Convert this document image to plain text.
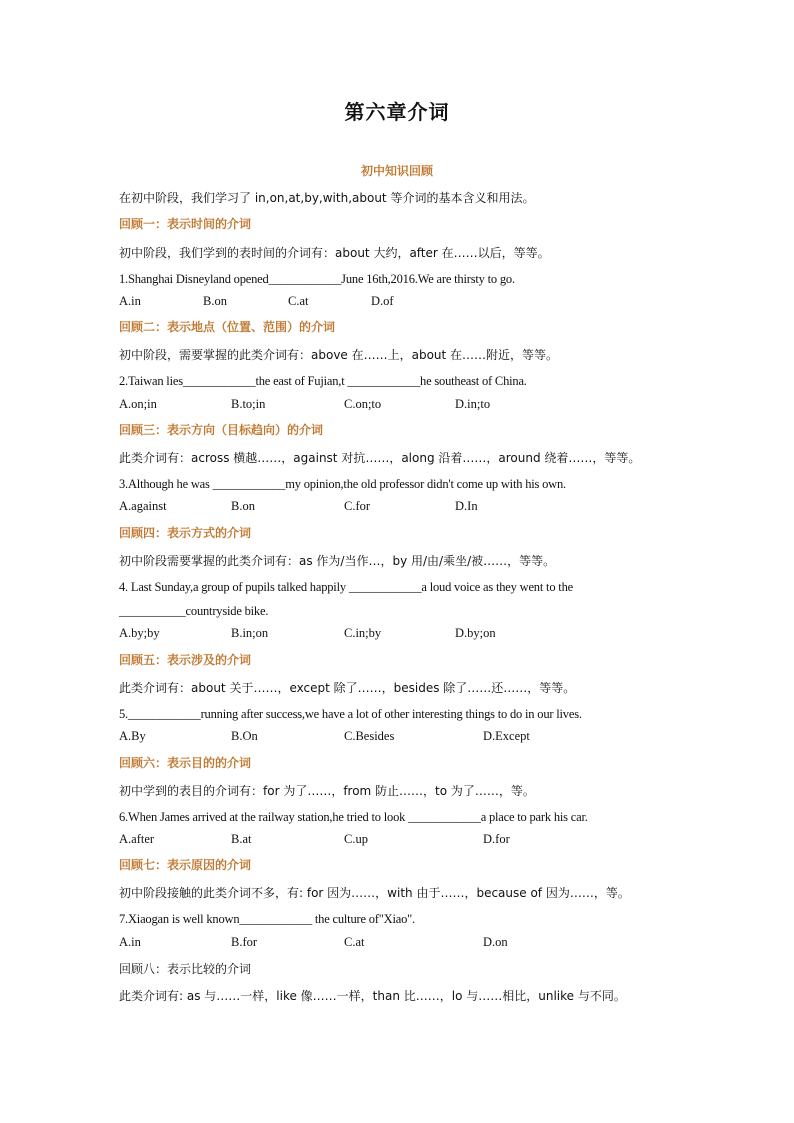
第六章介词
初中知识回顾
在初中阶段，我们学习了 in,on,at,by,with,about 等介词的基本含义和用法。
回顾一：表示时间的介词
初中阶段，我们学到的表时间的介词有：about 大约，after 在……以后，等等。
1.Shanghai Disneyland opened____________June 16th,2016.We are thirsty to go.
A.in	B.on	C.at	D.of
回顾二：表示地点（位置、范围）的介词
初中阶段，需要掌握的此类介词有：above 在……上，about 在……附近，等等。
2.Taiwan lies____________the east of Fujian,t ____________he southeast of China.
A.on;in	B.to;in	C.on;to	D.in;to
回顾三：表示方向（目标趋向）的介词
此类介词有：across 横越……，against 对抗……，along 沿着……，around 绕着……，等等。
3.Although he was ____________my opinion,the old professor didn't come up with his own.
A.against	B.on	C.for	D.In
回顾四：表示方式的介词
初中阶段需要掌握的此类介词有：as 作为/当作…，by 用/由/乘坐/被……，等等。
4. Last Sunday,a group of pupils talked happily ____________a loud voice as they went to the
___________countryside bike.
A.by;by	B.in;on	C.in;by	D.by;on
回顾五：表示涉及的介词
此类介词有：about 关于……，except 除了……，besides 除了……还……，等等。
5.____________running after success,we have a lot of other interesting things to do in our lives.
A.By	B.On	C.Besides	D.Except
回顾六：表示目的的介词
初中学到的表目的介词有：for 为了……，from 防止……，to 为了……，等。
6.When James arrived at the railway station,he tried to look ____________a place to park his car.
A.after	B.at	C.up	D.for
回顾七：表示原因的介词
初中阶段接触的此类介词不多，有: for 因为……，with 由于……，because of 因为……，等。
7.Xiaogan is well known____________ the culture of"Xiao".
A.in	B.for	C.at	D.on
回顾八：表示比较的介词
此类介词有: as 与……一样，like 像……一样，than 比……，lo 与……相比，unlike 与不同。
